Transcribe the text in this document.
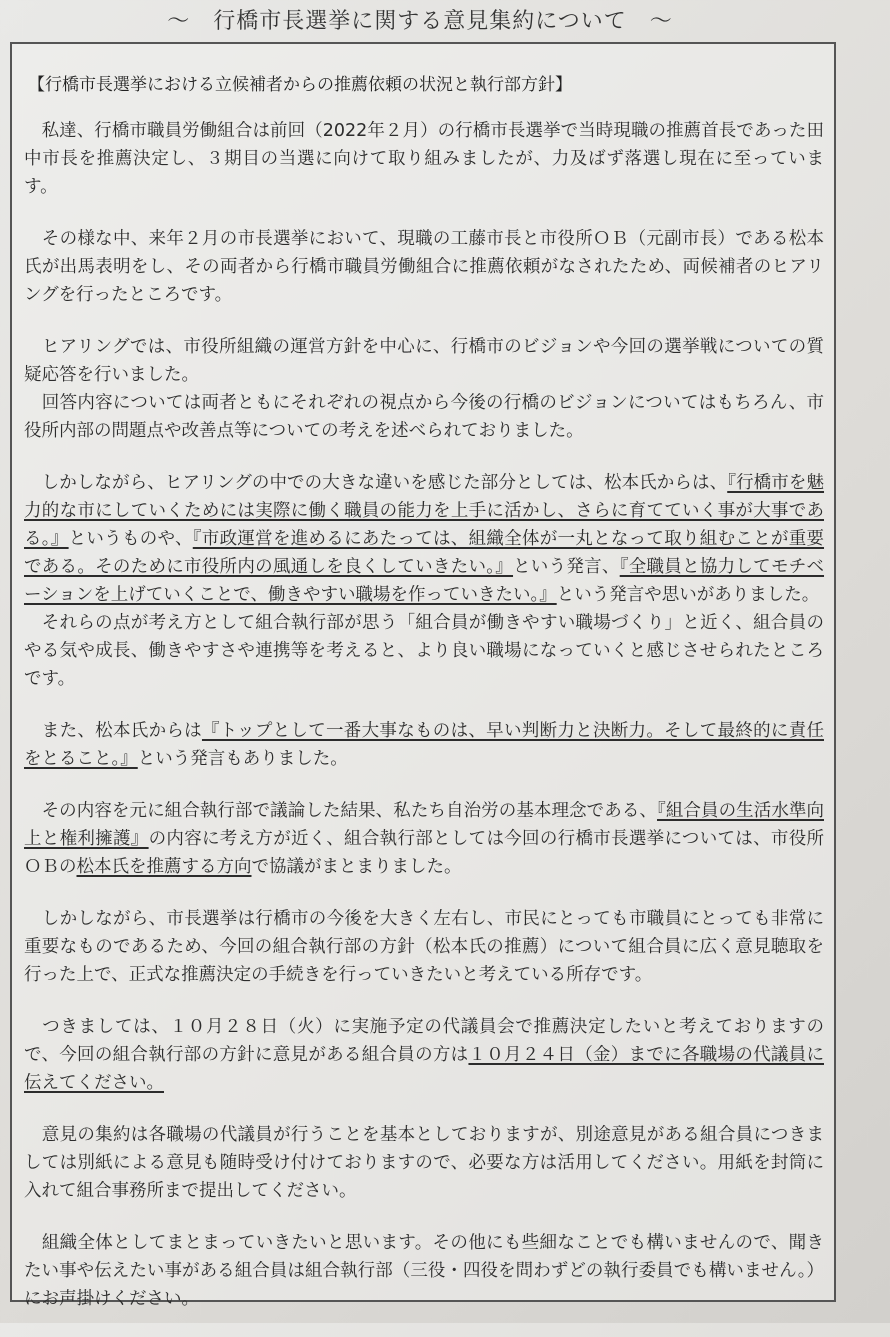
～　行橋市長選挙に関する意見集約について　～
【行橋市長選挙における立候補者からの推薦依頼の状況と執行部方針】

私達、行橋市職員労働組合は前回（2022年２月）の行橋市長選挙で当時現職の推薦首長であった田中市長を推薦決定し、３期目の当選に向けて取り組みましたが、力及ばず落選し現在に至っています。

その様な中、来年２月の市長選挙において、現職の工藤市長と市役所ＯＢ（元副市長）である松本氏が出馬表明をし、その両者から行橋市職員労働組合に推薦依頼がなされたため、両候補者のヒアリングを行ったところです。

ヒアリングでは、市役所組織の運営方針を中心に、行橋市のビジョンや今回の選挙戦についての質疑応答を行いました。

回答内容については両者ともにそれぞれの視点から今後の行橋のビジョンについてはもちろん、市役所内部の問題点や改善点等についての考えを述べられておりました。

しかしながら、ヒアリングの中での大きな違いを感じた部分としては、松本氏からは、『行橋市を魅力的な市にしていくためには実際に働く職員の能力を上手に活かし、さらに育てていく事が大事である。』というものや、『市政運営を進めるにあたっては、組織全体が一丸となって取り組むことが重要である。そのために市役所内の風通しを良くしていきたい。』という発言、『全職員と協力してモチベーションを上げていくことで、働きやすい職場を作っていきたい。』という発言や思いがありました。

それらの点が考え方として組合執行部が思う「組合員が働きやすい職場づくり」と近く、組合員のやる気や成長、働きやすさや連携等を考えると、より良い職場になっていくと感じさせられたところです。

また、松本氏からは『トップとして一番大事なものは、早い判断力と決断力。そして最終的に責任をとること。』という発言もありました。

その内容を元に組合執行部で議論した結果、私たち自治労の基本理念である、『組合員の生活水準向上と権利擁護』の内容に考え方が近く、組合執行部としては今回の行橋市長選挙については、市役所ＯＢの松本氏を推薦する方向で協議がまとまりました。

しかしながら、市長選挙は行橋市の今後を大きく左右し、市民にとっても市職員にとっても非常に重要なものであるため、今回の組合執行部の方針（松本氏の推薦）について組合員に広く意見聴取を行った上で、正式な推薦決定の手続きを行っていきたいと考えている所存です。

つきましては、１０月２８日（火）に実施予定の代議員会で推薦決定したいと考えておりますので、今回の組合執行部の方針に意見がある組合員の方は１０月２４日（金）までに各職場の代議員に伝えてください。

意見の集約は各職場の代議員が行うことを基本としておりますが、別途意見がある組合員につきましては別紙による意見も随時受け付けておりますので、必要な方は活用してください。用紙を封筒に入れて組合事務所まで提出してください。

組織全体としてまとまっていきたいと思います。その他にも些細なことでも構いませんので、聞きたい事や伝えたい事がある組合員は組合執行部（三役・四役を問わずどの執行委員でも構いません。）にお声掛けください。
